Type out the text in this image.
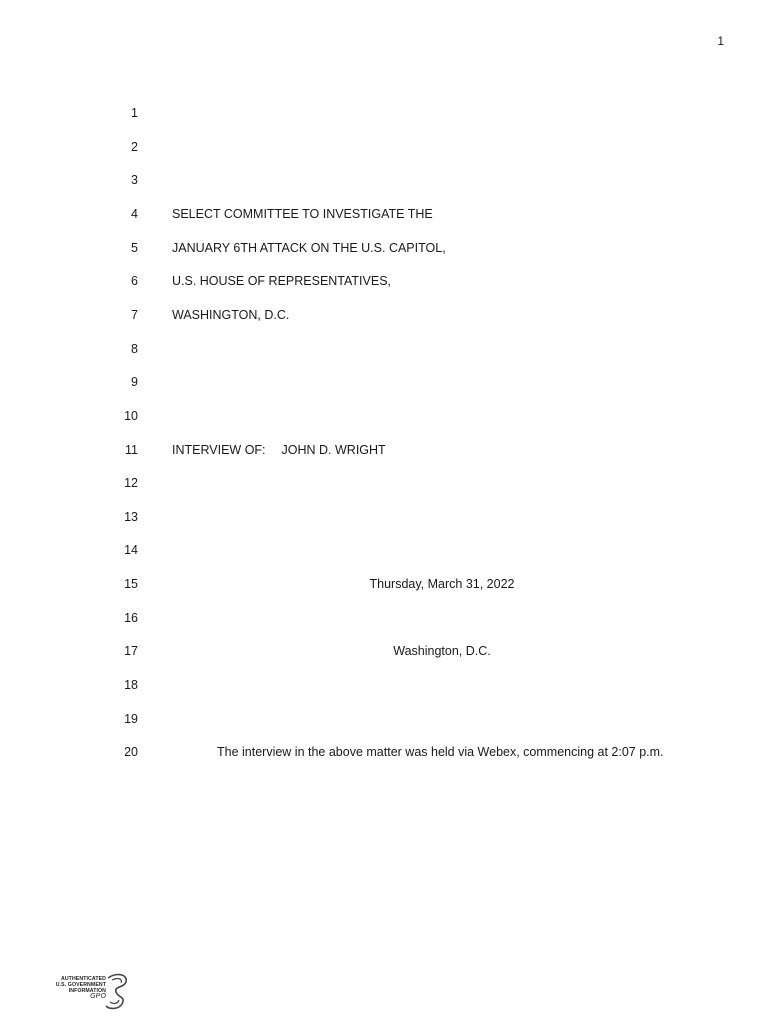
1
1
2
3
4	SELECT COMMITTEE TO INVESTIGATE THE
5	JANUARY 6TH ATTACK ON THE U.S. CAPITOL,
6	U.S. HOUSE OF REPRESENTATIVES,
7	WASHINGTON, D.C.
8
9
10
11	INTERVIEW OF: JOHN D. WRIGHT
12
13
14
15	Thursday, March 31, 2022
16
17	Washington, D.C.
18
19
20	The interview in the above matter was held via Webex, commencing at 2:07 p.m.
AUTHENTICATED
U.S. GOVERNMENT
INFORMATION
GPO
